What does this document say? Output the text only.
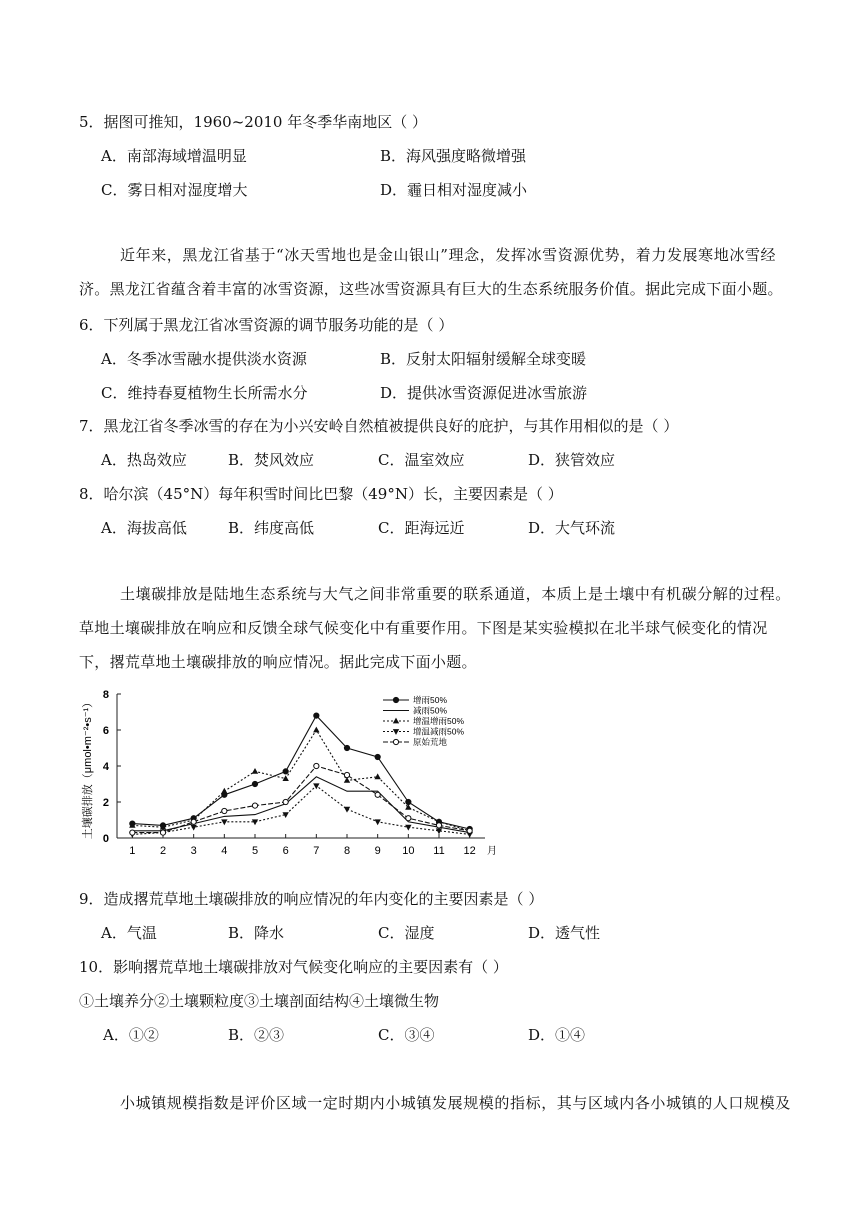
5．据图可推知，1960~2010 年冬季华南地区（ ）
A．南部海域增温明显	B．海风强度略微增强
C．雾日相对湿度增大	D．霾日相对湿度减小
近年来，黑龙江省基于“冰天雪地也是金山银山”理念，发挥冰雪资源优势，着力发展寒地冰雪经
济。黑龙江省蕴含着丰富的冰雪资源，这些冰雪资源具有巨大的生态系统服务价值。据此完成下面小题。
6．下列属于黑龙江省冰雪资源的调节服务功能的是（ ）
A．冬季冰雪融水提供淡水资源	B．反射太阳辐射缓解全球变暖
C．维持春夏植物生长所需水分	D．提供冰雪资源促进冰雪旅游
7．黑龙江省冬季冰雪的存在为小兴安岭自然植被提供良好的庇护，与其作用相似的是（ ）
A．热岛效应	B．焚风效应	C．温室效应	D．狭管效应
8．哈尔滨（45°N）每年积雪时间比巴黎（49°N）长，主要因素是（ ）
A．海拔高低	B．纬度高低	C．距海远近	D．大气环流
土壤碳排放是陆地生态系统与大气之间非常重要的联系通道，本质上是土壤中有机碳分解的过程。
草地土壤碳排放在响应和反馈全球气候变化中有重要作用。下图是某实验模拟在北半球气候变化的情况
下，撂荒草地土壤碳排放的响应情况。据此完成下面小题。
0
2
4
6
8
1 2 3 4 5 6 7 8 9 10 11 12 月
增雨50%
减雨50%
增温增雨50%
增温减雨50%
原始荒地
土壤碳排放（μmol•m⁻²•s⁻¹）
9．造成撂荒草地土壤碳排放的响应情况的年内变化的主要因素是（ ）
A．气温	B．降水	C．湿度	D．透气性
10．影响撂荒草地土壤碳排放对气候变化响应的主要因素有（ ）
①土壤养分②土壤颗粒度③土壤剖面结构④土壤微生物
A．①②	B．②③	C．③④	D．①④
小城镇规模指数是评价区域一定时期内小城镇发展规模的指标，其与区域内各小城镇的人口规模及
